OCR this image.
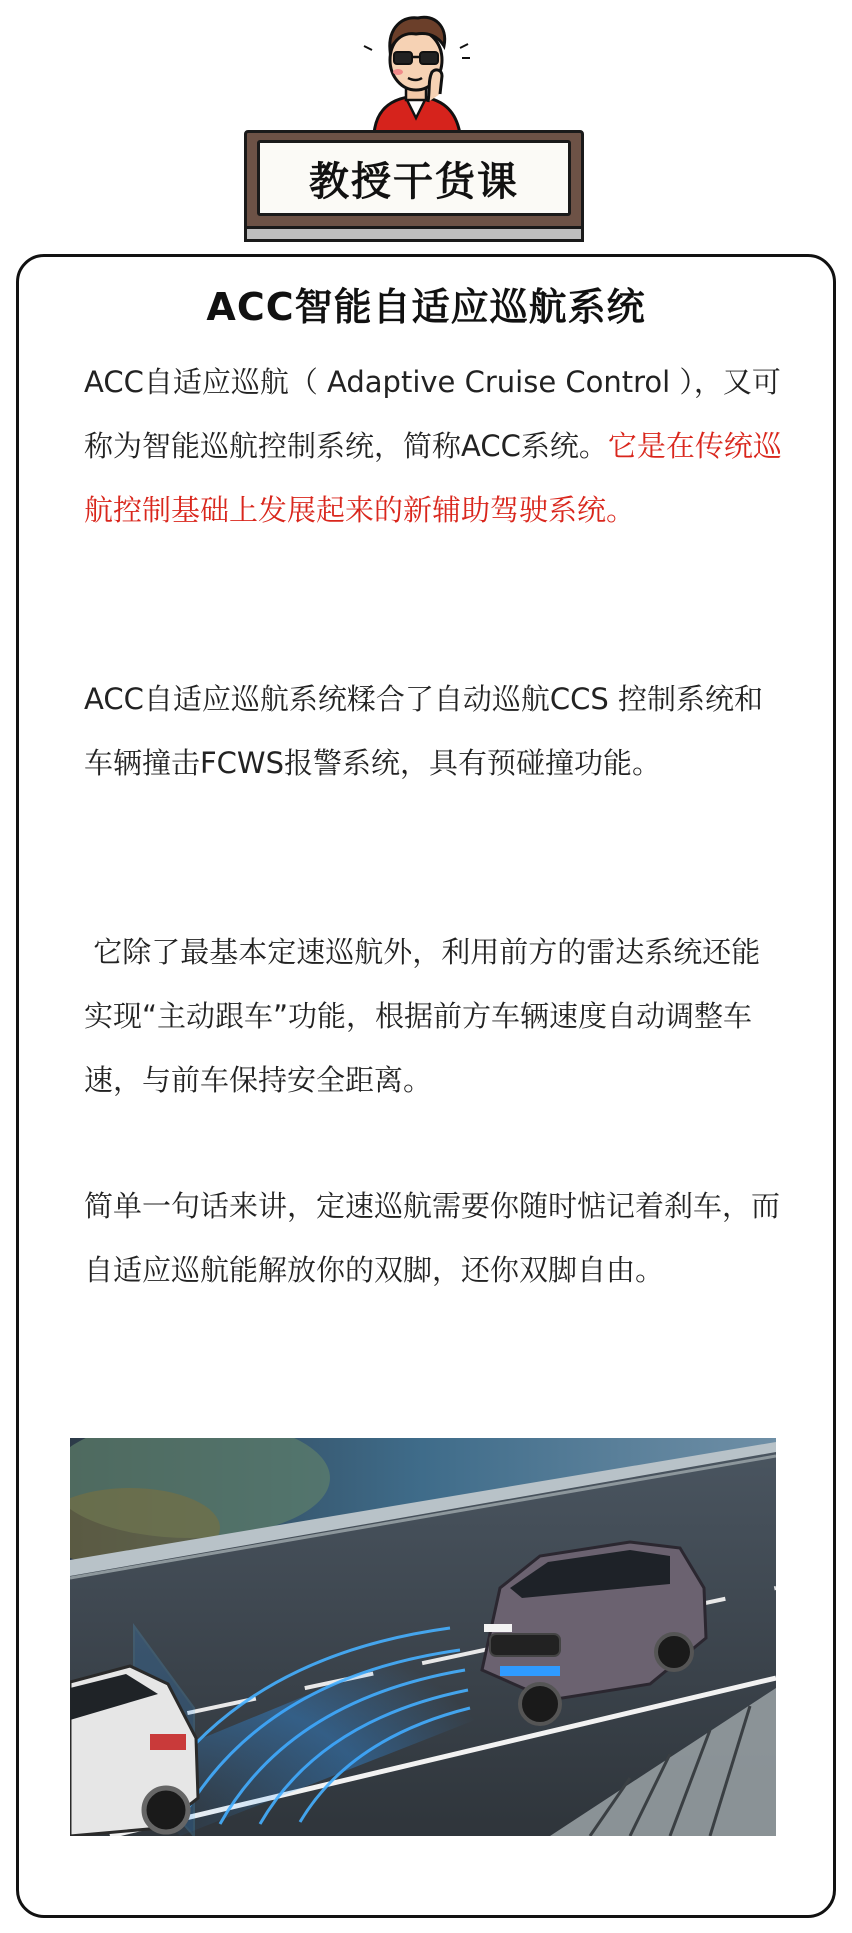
教授干货课
ACC智能自适应巡航系统

ACC自适应巡航（ Adaptive Cruise Control ），又可称为智能巡航控制系统，简称ACC系统。它是在传统巡航控制基础上发展起来的新辅助驾驶系统。

ACC自适应巡航系统糅合了自动巡航CCS 控制系统和车辆撞击FCWS报警系统，具有预碰撞功能。

它除了最基本定速巡航外，利用前方的雷达系统还能实现“主动跟车”功能，根据前方车辆速度自动调整车速，与前车保持安全距离。

简单一句话来讲，定速巡航需要你随时惦记着刹车，而自适应巡航能解放你的双脚，还你双脚自由。
